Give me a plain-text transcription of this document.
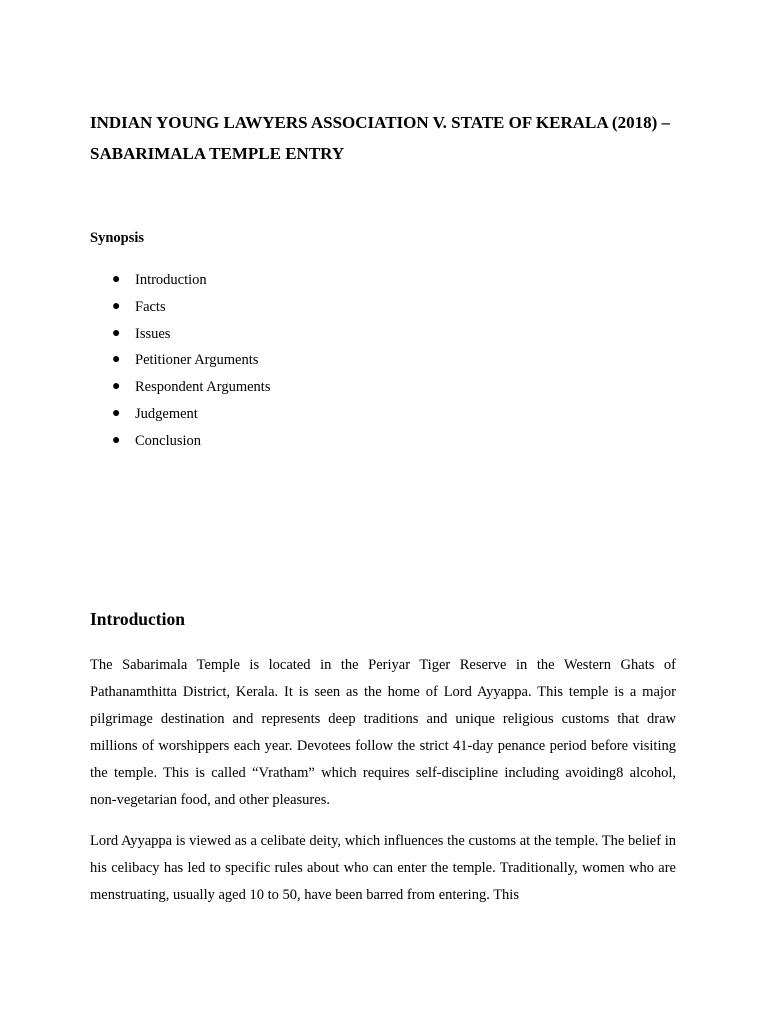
INDIAN YOUNG LAWYERS ASSOCIATION V. STATE OF KERALA (2018) – SABARIMALA TEMPLE ENTRY
Synopsis
● Introduction
● Facts
● Issues
● Petitioner Arguments
● Respondent Arguments
● Judgement
● Conclusion
Introduction

The Sabarimala Temple is located in the Periyar Tiger Reserve in the Western Ghats of Pathanamthitta District, Kerala. It is seen as the home of Lord Ayyappa. This temple is a major pilgrimage destination and represents deep traditions and unique religious customs that draw millions of worshippers each year. Devotees follow the strict 41-day penance period before visiting the temple. This is called “Vratham” which requires self-discipline including avoiding8 alcohol, non-vegetarian food, and other pleasures.

Lord Ayyappa is viewed as a celibate deity, which influences the customs at the temple. The belief in his celibacy has led to specific rules about who can enter the temple. Traditionally, women who are menstruating, usually aged 10 to 50, have been barred from entering. This
